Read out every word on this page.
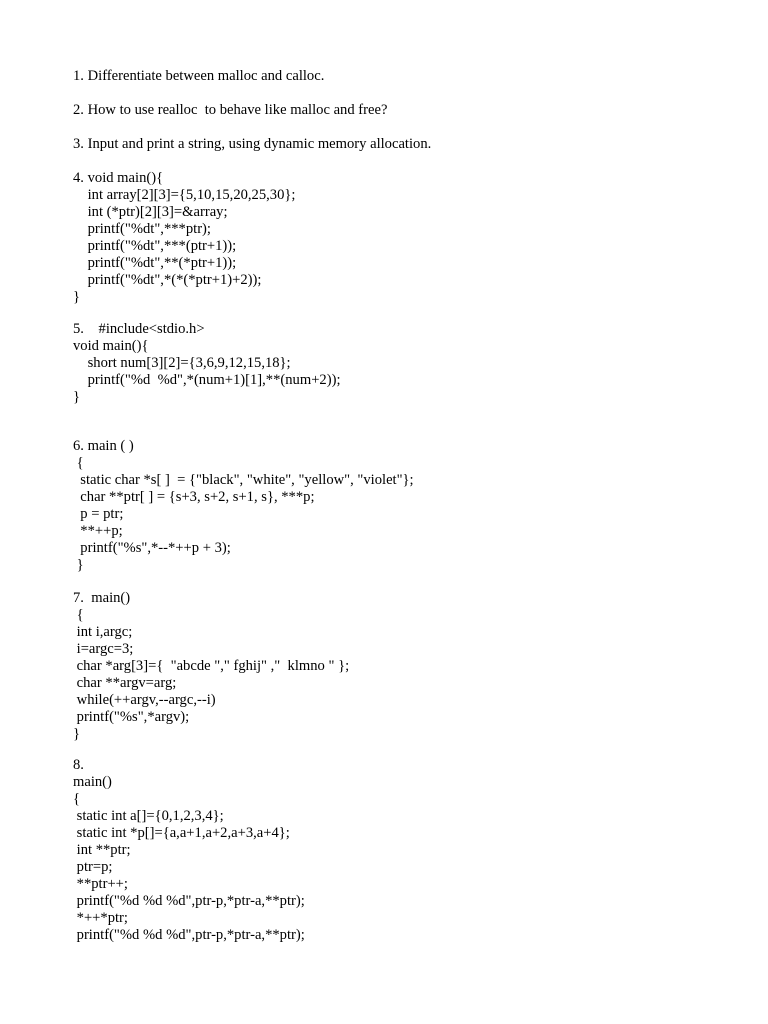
1. Differentiate between malloc and calloc.
2. How to use realloc  to behave like malloc and free?
3. Input and print a string, using dynamic memory allocation.
4. void main(){
int array[2][3]={5,10,15,20,25,30};
int (*ptr)[2][3]=&array;
printf("%dt",***ptr);
printf("%dt",***(ptr+1));
printf("%dt",**(*ptr+1));
printf("%dt",*(*(*ptr+1)+2));
}
5.    #include<stdio.h>
void main(){
short num[3][2]={3,6,9,12,15,18};
printf("%d  %d",*(num+1)[1],**(num+2));
}
6. main ( )
{
static char *s[ ]  = {"black", "white", "yellow", "violet"};
char **ptr[ ] = {s+3, s+2, s+1, s}, ***p;
p = ptr;
**++p;
printf("%s",*--*++p + 3);
}
7.  main()
{
int i,argc;
i=argc=3;
char *arg[3]={  "abcde "," fghij" ,"  klmno " };
char **argv=arg;
while(++argv,--argc,--i)
printf("%s",*argv);
}
8.
main()
{
static int a[]={0,1,2,3,4};
static int *p[]={a,a+1,a+2,a+3,a+4};
int **ptr;
ptr=p;
**ptr++;
printf("%d %d %d",ptr-p,*ptr-a,**ptr);
*++*ptr;
printf("%d %d %d",ptr-p,*ptr-a,**ptr);
